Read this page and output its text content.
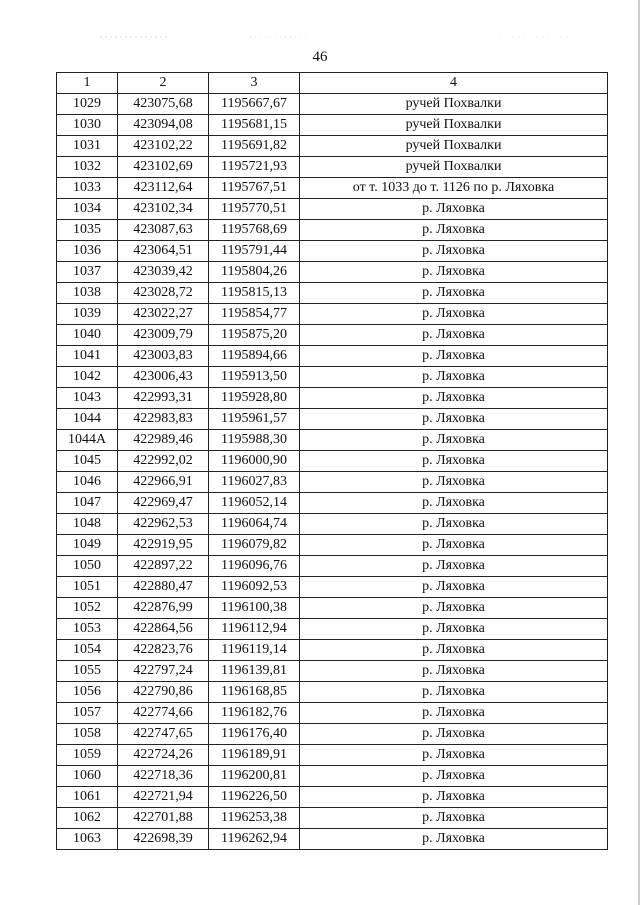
46
1	2	3	4
1029	423075,68	1195667,67	ручей Похвалки
1030	423094,08	1195681,15	ручей Похвалки
1031	423102,22	1195691,82	ручей Похвалки
1032	423102,69	1195721,93	ручей Похвалки
1033	423112,64	1195767,51	от т. 1033 до т. 1126 по р. Ляховка
1034	423102,34	1195770,51	р. Ляховка
1035	423087,63	1195768,69	р. Ляховка
1036	423064,51	1195791,44	р. Ляховка
1037	423039,42	1195804,26	р. Ляховка
1038	423028,72	1195815,13	р. Ляховка
1039	423022,27	1195854,77	р. Ляховка
1040	423009,79	1195875,20	р. Ляховка
1041	423003,83	1195894,66	р. Ляховка
1042	423006,43	1195913,50	р. Ляховка
1043	422993,31	1195928,80	р. Ляховка
1044	422983,83	1195961,57	р. Ляховка
1044А	422989,46	1195988,30	р. Ляховка
1045	422992,02	1196000,90	р. Ляховка
1046	422966,91	1196027,83	р. Ляховка
1047	422969,47	1196052,14	р. Ляховка
1048	422962,53	1196064,74	р. Ляховка
1049	422919,95	1196079,82	р. Ляховка
1050	422897,22	1196096,76	р. Ляховка
1051	422880,47	1196092,53	р. Ляховка
1052	422876,99	1196100,38	р. Ляховка
1053	422864,56	1196112,94	р. Ляховка
1054	422823,76	1196119,14	р. Ляховка
1055	422797,24	1196139,81	р. Ляховка
1056	422790,86	1196168,85	р. Ляховка
1057	422774,66	1196182,76	р. Ляховка
1058	422747,65	1196176,40	р. Ляховка
1059	422724,26	1196189,91	р. Ляховка
1060	422718,36	1196200,81	р. Ляховка
1061	422721,94	1196226,50	р. Ляховка
1062	422701,88	1196253,38	р. Ляховка
1063	422698,39	1196262,94	р. Ляховка
